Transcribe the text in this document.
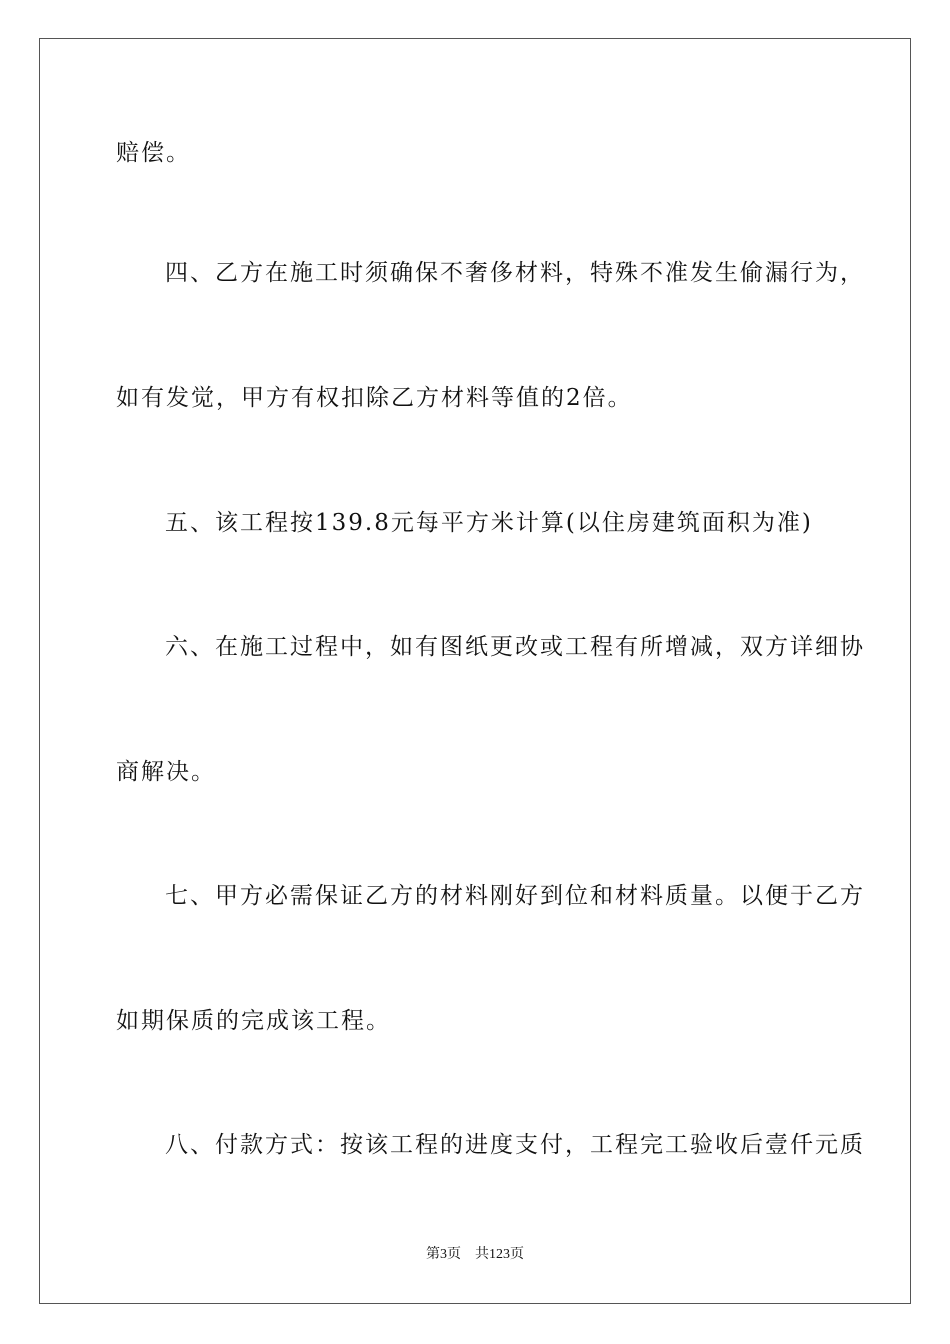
赔偿。
四、乙方在施工时须确保不奢侈材料，特殊不准发生偷漏行为，
如有发觉，甲方有权扣除乙方材料等值的2倍。
五、该工程按139.8元每平方米计算(以住房建筑面积为准)
六、在施工过程中，如有图纸更改或工程有所增减，双方详细协
商解决。
七、甲方必需保证乙方的材料刚好到位和材料质量。以便于乙方
如期保质的完成该工程。
八、付款方式：按该工程的进度支付，工程完工验收后壹仟元质
第3页 共123页
